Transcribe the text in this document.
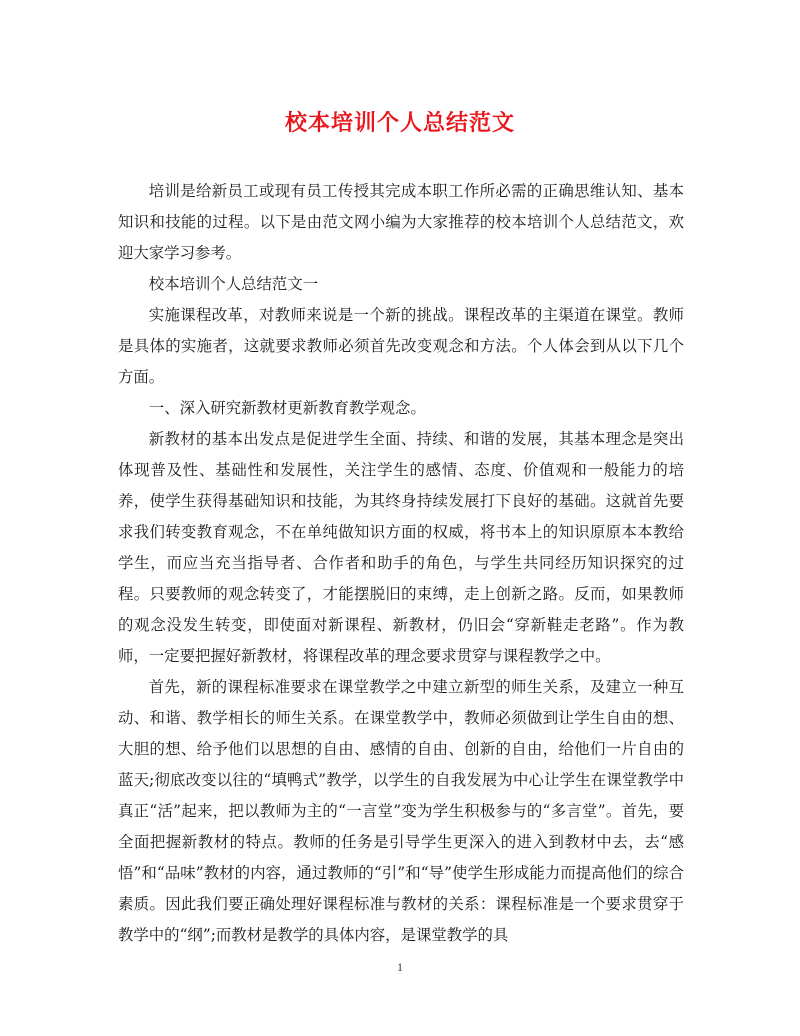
校本培训个人总结范文

培训是给新员工或现有员工传授其完成本职工作所必需的正确思维认知、基本知识和技能的过程。以下是由范文网小编为大家推荐的校本培训个人总结范文，欢迎大家学习参考。

校本培训个人总结范文一

实施课程改革，对教师来说是一个新的挑战。课程改革的主渠道在课堂。教师是具体的实施者，这就要求教师必须首先改变观念和方法。个人体会到从以下几个方面。

一、深入研究新教材更新教育教学观念。

新教材的基本出发点是促进学生全面、持续、和谐的发展，其基本理念是突出体现普及性、基础性和发展性，关注学生的感情、态度、价值观和一般能力的培养，使学生获得基础知识和技能，为其终身持续发展打下良好的基础。这就首先要求我们转变教育观念，不在单纯做知识方面的权威，将书本上的知识原原本本教给学生，而应当充当指导者、合作者和助手的角色，与学生共同经历知识探究的过程。只要教师的观念转变了，才能摆脱旧的束缚，走上创新之路。反而，如果教师的观念没发生转变，即使面对新课程、新教材，仍旧会“穿新鞋走老路”。作为教师，一定要把握好新教材，将课程改革的理念要求贯穿与课程教学之中。

首先，新的课程标准要求在课堂教学之中建立新型的师生关系，及建立一种互动、和谐、教学相长的师生关系。在课堂教学中，教师必须做到让学生自由的想、大胆的想、给予他们以思想的自由、感情的自由、创新的自由，给他们一片自由的蓝天;彻底改变以往的“填鸭式”教学，以学生的自我发展为中心让学生在课堂教学中真正“活”起来，把以教师为主的“一言堂”变为学生积极参与的“多言堂”。首先，要全面把握新教材的特点。教师的任务是引导学生更深入的进入到教材中去，去“感悟”和“品味”教材的内容，通过教师的“引”和“导”使学生形成能力而提高他们的综合素质。因此我们要正确处理好课程标准与教材的关系：课程标准是一个要求贯穿于教学中的“纲”;而教材是教学的具体内容，是课堂教学的具

1
